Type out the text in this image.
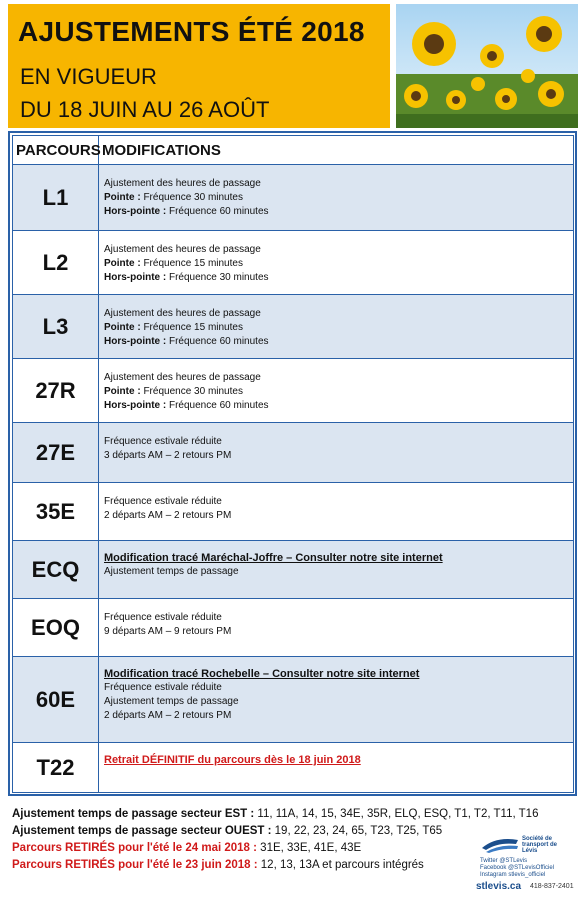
AJUSTEMENTS ÉTÉ 2018
EN VIGUEUR
DU 18 JUIN AU 26 AOÛT
PARCOURS	MODIFICATIONS
L1	Ajustement des heures de passage
Pointe : Fréquence 30 minutes
Hors-pointe : Fréquence 60 minutes

L2	Ajustement des heures de passage
Pointe : Fréquence 15 minutes
Hors-pointe : Fréquence 30 minutes

L3	Ajustement des heures de passage
Pointe : Fréquence 15 minutes
Hors-pointe : Fréquence 60 minutes

27R	Ajustement des heures de passage
Pointe : Fréquence 30 minutes
Hors-pointe : Fréquence 60 minutes

27E	Fréquence estivale réduite
3 départs AM – 2 retours PM

35E	Fréquence estivale réduite
2 départs AM – 2 retours PM

ECQ	Modification tracé Maréchal-Joffre – Consulter notre site internet
Ajustement temps de passage

EOQ	Fréquence estivale réduite
9 départs AM – 9 retours PM

60E	Modification tracé Rochebelle – Consulter notre site internet
Fréquence estivale réduite
Ajustement temps de passage
2 départs AM – 2 retours PM

T22	Retrait DÉFINITIF du parcours dès le 18 juin 2018
Ajustement temps de passage secteur EST : 11, 11A, 14, 15, 34E, 35R, ELQ, ESQ, T1, T2, T11, T16
Ajustement temps de passage secteur OUEST : 19, 22, 23, 24, 65, T23, T25, T65
Parcours RETIRÉS pour l'été le 24 mai 2018 : 31E, 33E, 41E, 43E
Parcours RETIRÉS pour l'été le 23 juin 2018 : 12, 13, 13A et parcours intégrés
Société de transport de Lévis
Twitter @STLevis
Facebook @STLevisOfficiel
Instagram stlevis_officiel
stlevis.ca 418-837-2401
